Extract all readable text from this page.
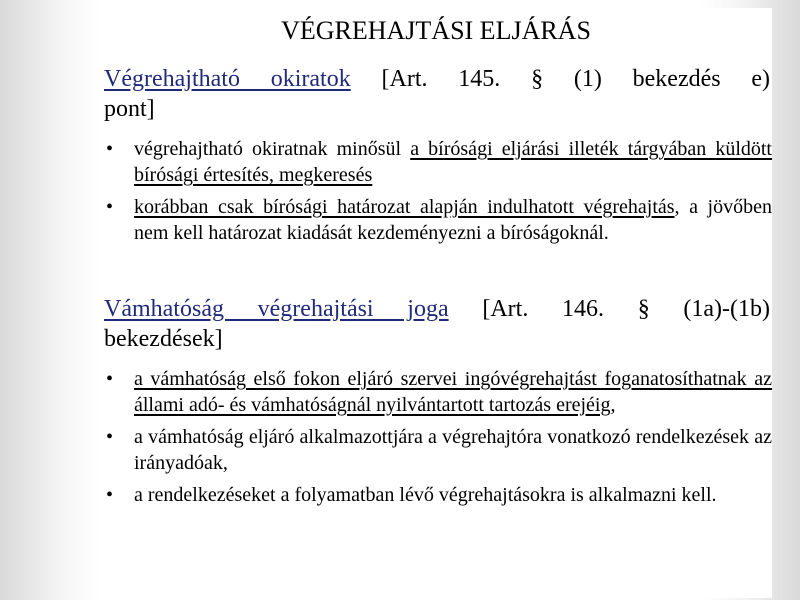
VÉGREHAJTÁSI ELJÁRÁS
Végrehajtható okiratok [Art. 145. § (1) bekezdés e)
pont]
• végrehajtható okiratnak minősül a bírósági eljárási illeték tárgyában küldött bírósági értesítés, megkeresés
• korábban csak bírósági határozat alapján indulhatott végrehajtás, a jövőben nem kell határozat kiadását kezdeményezni a bíróságoknál.
Vámhatóság végrehajtási joga [Art. 146. § (1a)-(1b)
bekezdések]
• a vámhatóság első fokon eljáró szervei ingóvégrehajtást foganatosíthatnak az állami adó- és vámhatóságnál nyilvántartott tartozás erejéig,
• a vámhatóság eljáró alkalmazottjára a végrehajtóra vonatkozó rendelkezések az irányadóak,
• a rendelkezéseket a folyamatban lévő végrehajtásokra is alkalmazni kell.
